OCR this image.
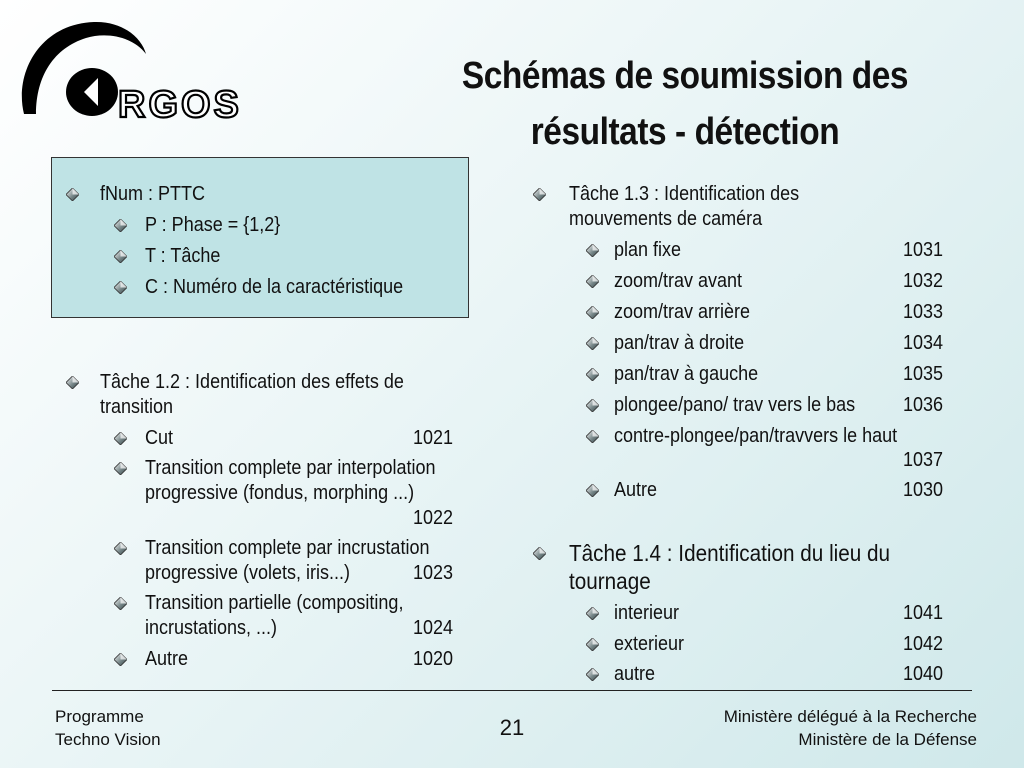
RGOS
Schémas de soumission des
résultats - détection
fNum : PTTC
P : Phase = {1,2}
T : Tâche
C : Numéro de la caractéristique
Tâche 1.2 : Identification des effets de
transition
Cut	1021
Transition complete par interpolation
progressive (fondus, morphing ...)
1022
Transition complete par incrustation
progressive (volets, iris...)	1023
Transition partielle (compositing,
incrustations, ...)	1024
Autre	1020
Tâche 1.3 : Identification des
mouvements de caméra
plan fixe	1031
zoom/trav avant	1032
zoom/trav arrière	1033
pan/trav à droite	1034
pan/trav à gauche	1035
plongee/pano/ trav vers le bas 1036
contre-plongee/pan/travvers le haut
1037
Autre	1030
Tâche 1.4 : Identification du lieu du
tournage
interieur	1041
exterieur	1042
autre	1040
Programme
Techno Vision	21	Ministère délégué à la Recherche
Ministère de la Défense
